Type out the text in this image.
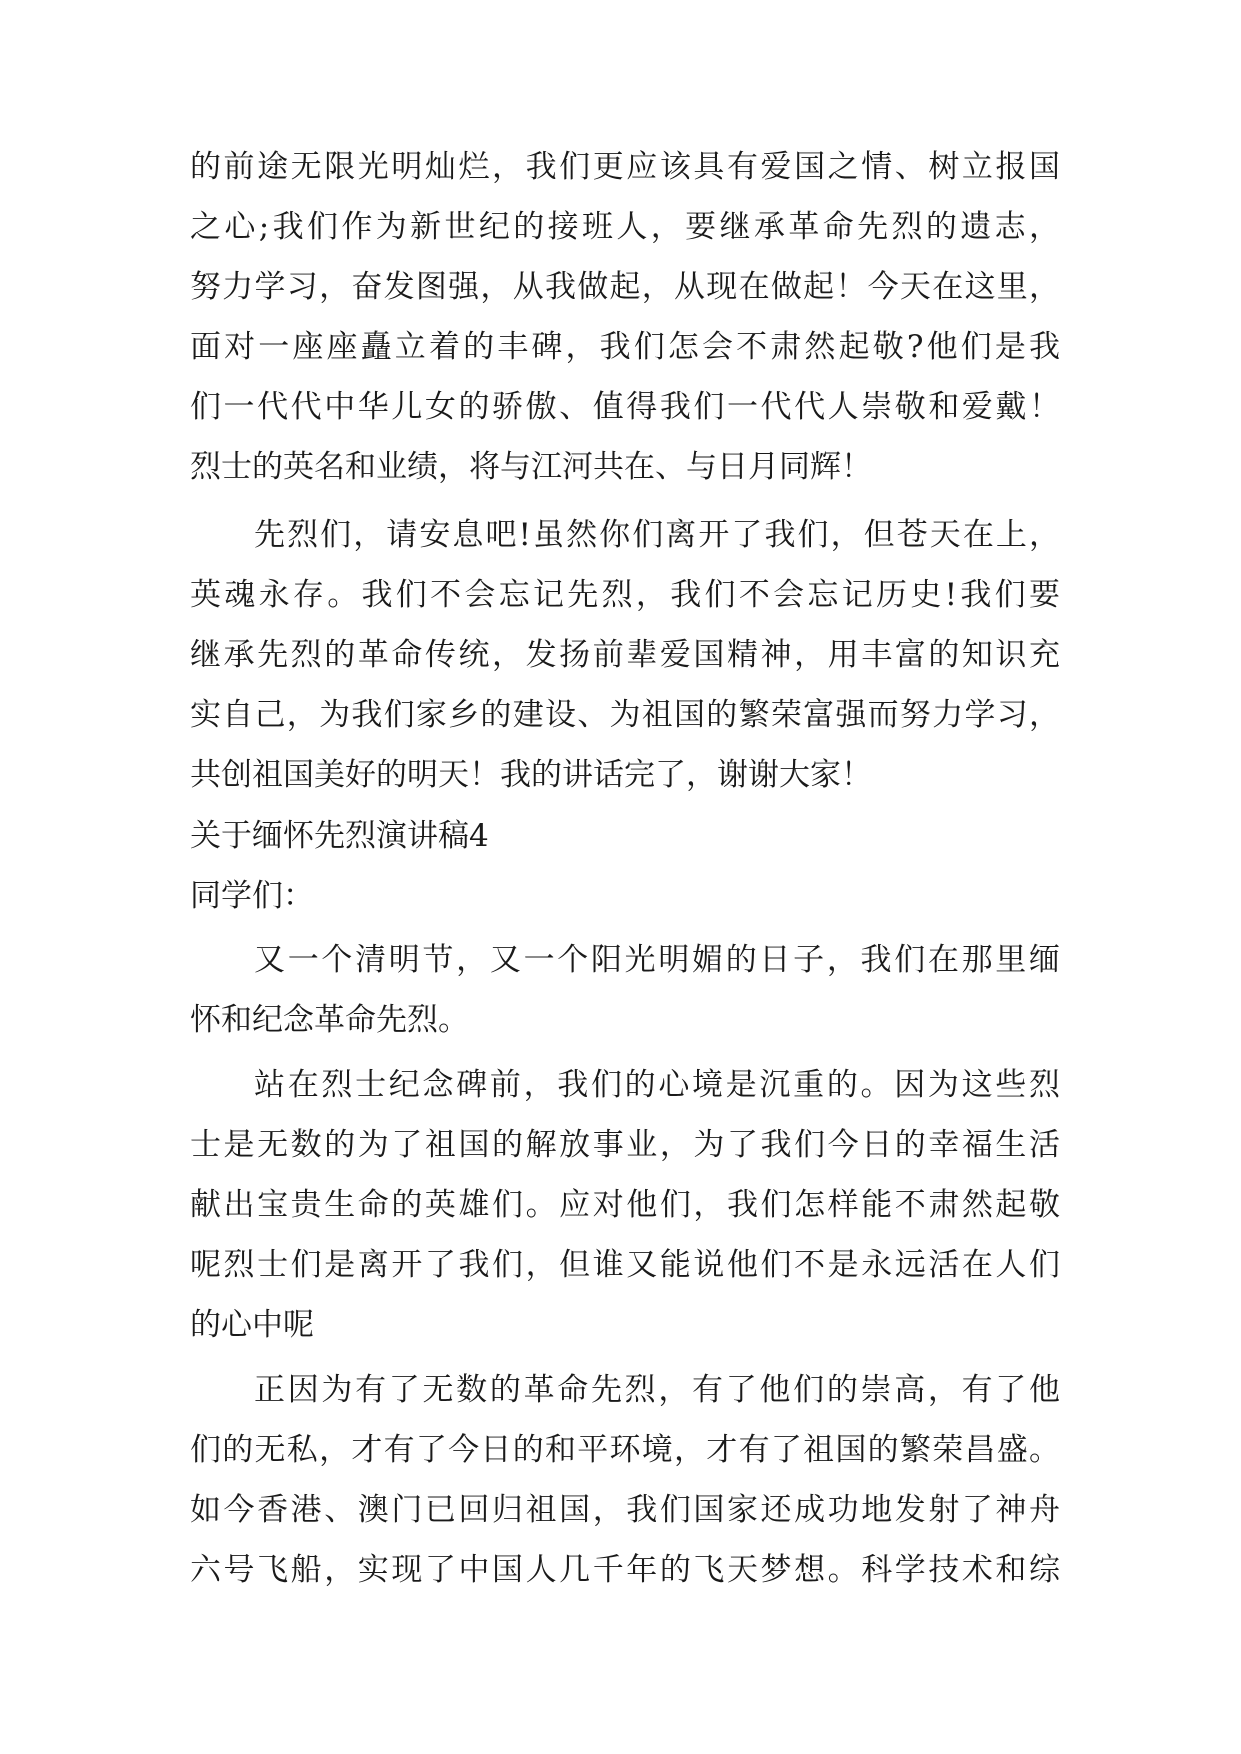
的前途无限光明灿烂，我们更应该具有爱国之情、树立报国
之心;我们作为新世纪的接班人，要继承革命先烈的遗志，
努力学习，奋发图强，从我做起，从现在做起！今天在这里，
面对一座座矗立着的丰碑，我们怎会不肃然起敬?他们是我
们一代代中华儿女的骄傲、值得我们一代代人崇敬和爱戴！
烈士的英名和业绩，将与江河共在、与日月同辉！
先烈们，请安息吧!虽然你们离开了我们，但苍天在上，
英魂永存。我们不会忘记先烈，我们不会忘记历史!我们要
继承先烈的革命传统，发扬前辈爱国精神，用丰富的知识充
实自己，为我们家乡的建设、为祖国的繁荣富强而努力学习，
共创祖国美好的明天！我的讲话完了，谢谢大家！
关于缅怀先烈演讲稿4
同学们：
又一个清明节，又一个阳光明媚的日子，我们在那里缅
怀和纪念革命先烈。
站在烈士纪念碑前，我们的心境是沉重的。因为这些烈
士是无数的为了祖国的解放事业，为了我们今日的幸福生活
献出宝贵生命的英雄们。应对他们，我们怎样能不肃然起敬
呢烈士们是离开了我们，但谁又能说他们不是永远活在人们
的心中呢
正因为有了无数的革命先烈，有了他们的崇高，有了他
们的无私，才有了今日的和平环境，才有了祖国的繁荣昌盛。
如今香港、澳门已回归祖国，我们国家还成功地发射了神舟
六号飞船，实现了中国人几千年的飞天梦想。科学技术和综
